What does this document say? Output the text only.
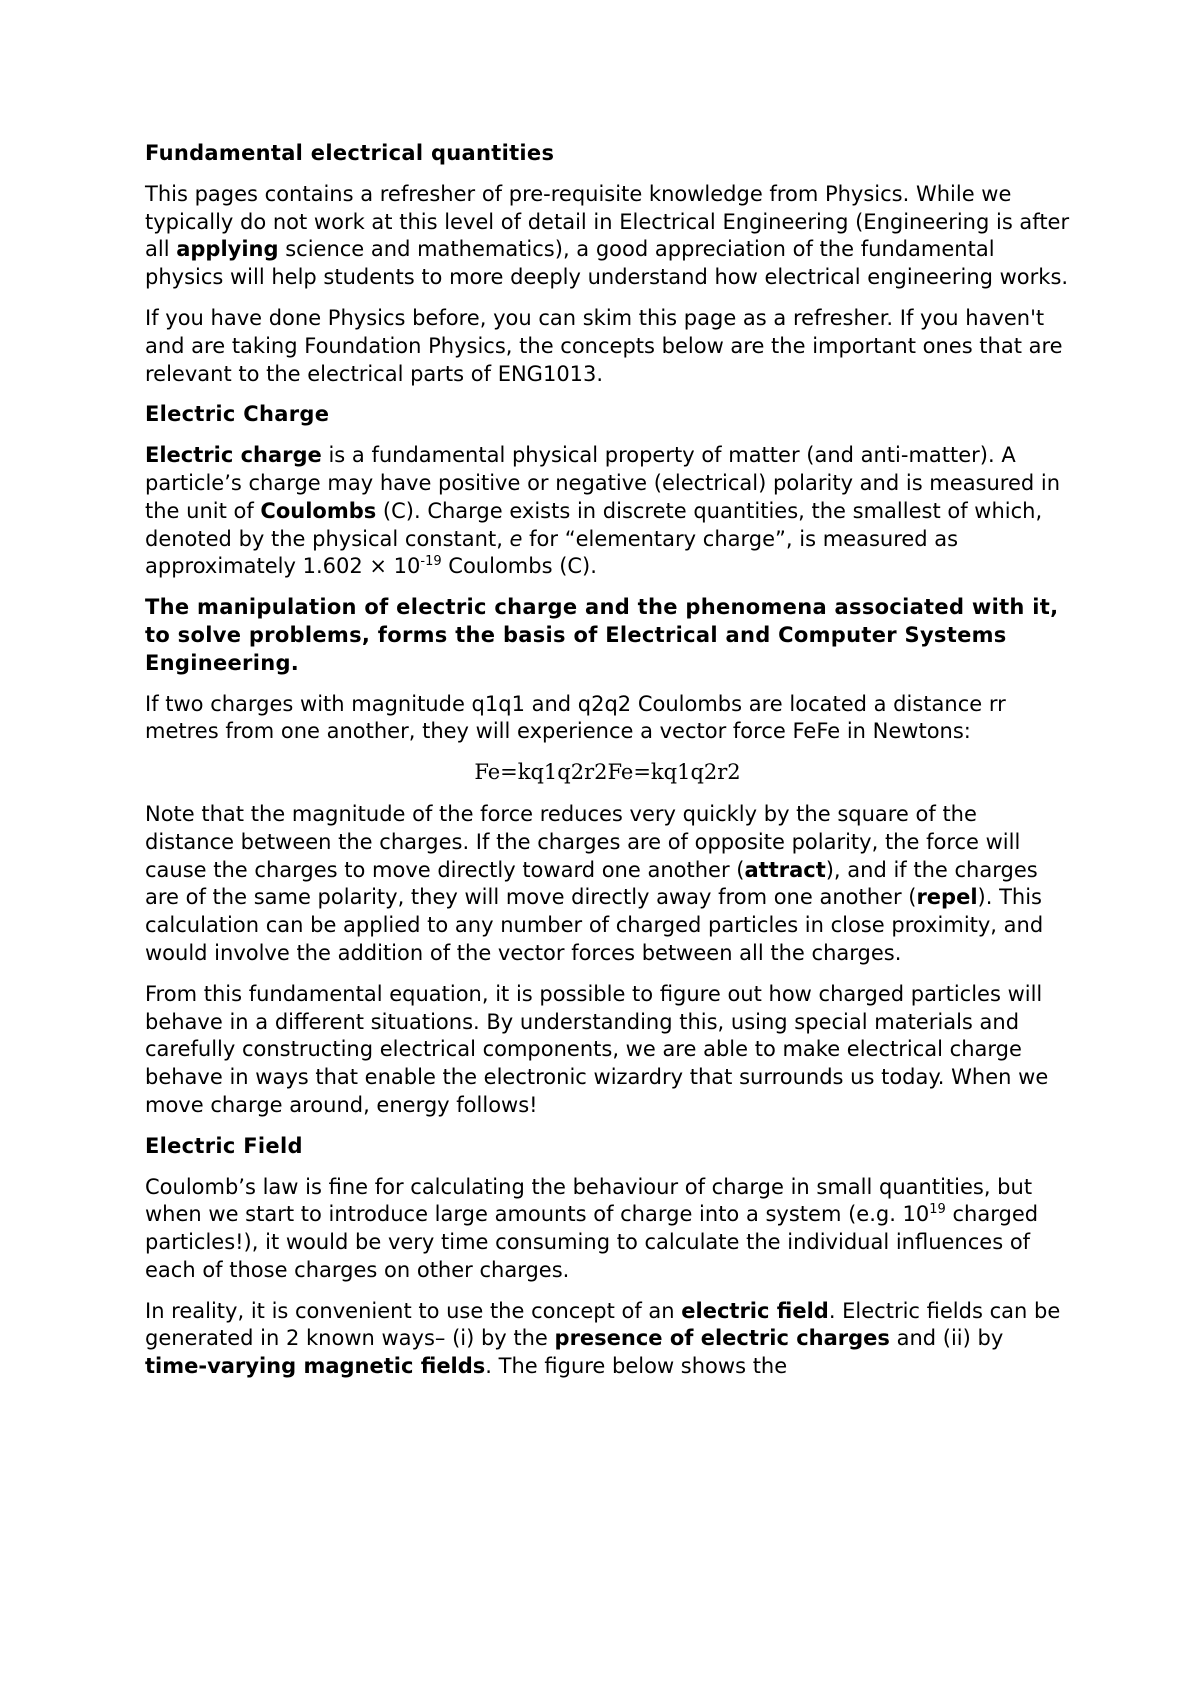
Fundamental electrical quantities

This pages contains a refresher of pre-requisite knowledge from Physics. While we typically do not work at this level of detail in Electrical Engineering (Engineering is after all applying science and mathematics), a good appreciation of the fundamental physics will help students to more deeply understand how electrical engineering works.

If you have done Physics before, you can skim this page as a refresher. If you haven't and are taking Foundation Physics, the concepts below are the important ones that are relevant to the electrical parts of ENG1013.

Electric Charge

Electric charge is a fundamental physical property of matter (and anti-matter). A particle’s charge may have positive or negative (electrical) polarity and is measured in the unit of Coulombs (C). Charge exists in discrete quantities, the smallest of which, denoted by the physical constant, e for “elementary charge”, is measured as approximately $1.602 \times 10^{-19}$ Coulombs (C).

The manipulation of electric charge and the phenomena associated with it, to solve problems, forms the basis of Electrical and Computer Systems Engineering.

If two charges with magnitude q1q1 and q2q2 Coulombs are located a distance rr metres from one another, they will experience a vector force FeFe in Newtons:

Fe=kq1q2r2Fe=kq1q2r2

Note that the magnitude of the force reduces very quickly by the square of the distance between the charges. If the charges are of opposite polarity, the force will cause the charges to move directly toward one another (attract), and if the charges are of the same polarity, they will move directly away from one another (repel). This calculation can be applied to any number of charged particles in close proximity, and would involve the addition of the vector forces between all the charges.

From this fundamental equation, it is possible to figure out how charged particles will behave in a different situations. By understanding this, using special materials and carefully constructing electrical components, we are able to make electrical charge behave in ways that enable the electronic wizardry that surrounds us today. When we move charge around, energy follows!

Electric Field

Coulomb’s law is fine for calculating the behaviour of charge in small quantities, but when we start to introduce large amounts of charge into a system (e.g. $10^{19}$ charged particles!), it would be very time consuming to calculate the individual influences of each of those charges on other charges.

In reality, it is convenient to use the concept of an electric field. Electric fields can be generated in 2 known ways– (i) by the presence of electric charges and (ii) by time-varying magnetic fields. The figure below shows the
